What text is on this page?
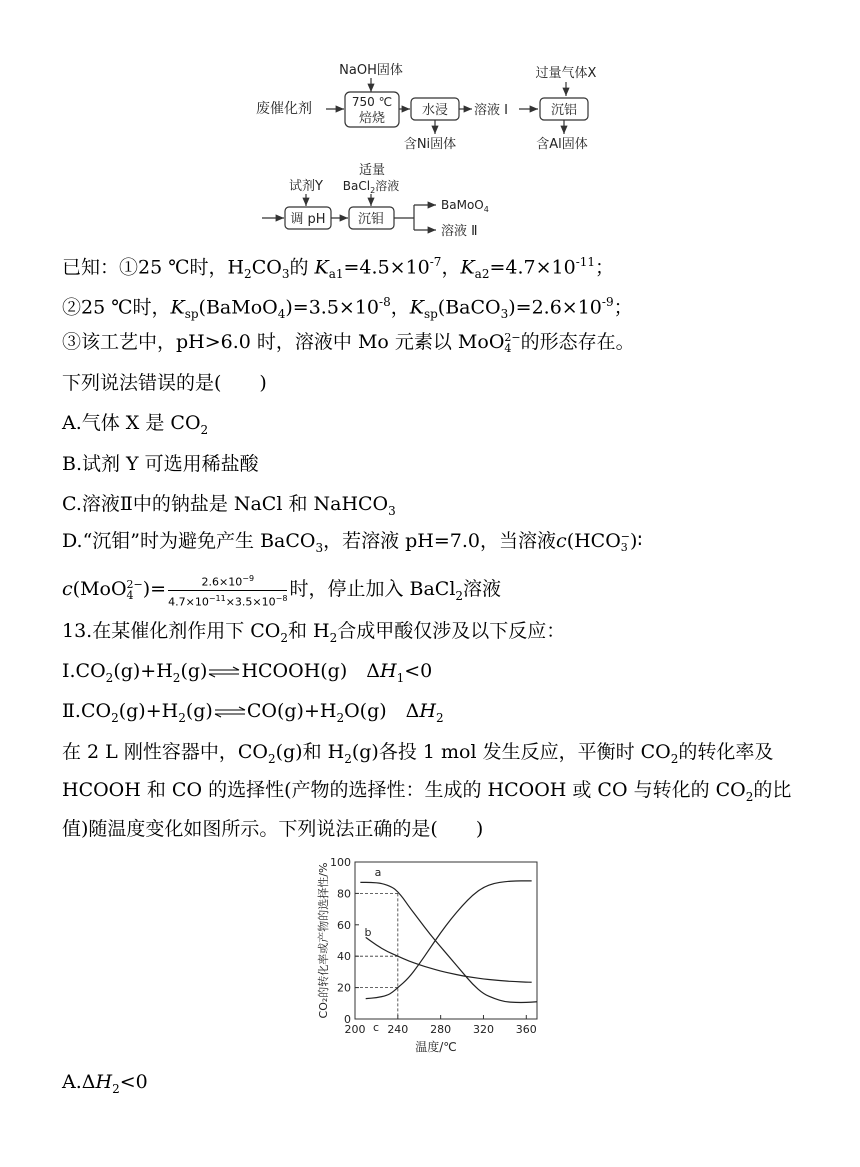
NaOH固体
废催化剂	750 ℃
焙烧
水浸
含Ni固体
溶液 Ⅰ
过量气体X
沉铝
含Al固体
试剂Y
适量
BaCl$_2$溶液
调 pH 沉钼
BaMoO$_4$
溶液 Ⅱ
已知：①25 ℃时，$H_2CO_3$的 $K_{a1}=4.5\times 10^{-7}$，$K_{a2}=4.7\times 10^{-11}$；
②25 ℃时，$K_{sp}(BaMoO_4)=3.5\times 10^{-8}$，$K_{sp}(BaCO_3)=2.6\times 10^{-9}$；
③该工艺中，pH>6.0 时，溶液中 Mo 元素以 MoO 2−
4 的形态存在。
下列说法错误的是(　　)
A.气体 X 是 $CO_2$
B.试剂 Y 可选用稀盐酸
C.溶液Ⅱ中的钠盐是 NaCl 和 NaHCO$_3$
D.“沉钼”时为避免产生 BaCO$_3$，若溶液 pH=7.0，当溶液c(HCO −
3 )∶
c(MoO 2−
4 )= $\frac{2.6\times 10^{-9}}{4.7\times 10^{-11}\times 3.5\times 10^{-8}}$ 时，停止加入 BaCl$_2$溶液
13.在某催化剂作用下 $CO_2$和 $H_2$合成甲酸仅涉及以下反应：
$Ⅰ.CO_2(g)+H_2(g)\rightleftharpoons HCOOH(g)$　$\Delta H_1<0$
$Ⅱ.CO_2(g)+H_2(g)\rightleftharpoons CO(g)+H_2O(g)$　$\Delta H_2$
在 2 L 刚性容器中，$CO_2(g)$和 $H_2(g)$各投 1 mol 发生反应，平衡时 $CO_2$的转化率及
HCOOH 和 CO 的选择性(产物的选择性：生成的 HCOOH 或 CO 与转化的 $CO_2$的比
值)随温度变化如图所示。下列说法正确的是(　　)
0
20
40
60
80
100
200 240 280 320 360
a
b
c
CO₂的转化率或产物的选择性/%
温度/℃
$A.\Delta H_2<0$
